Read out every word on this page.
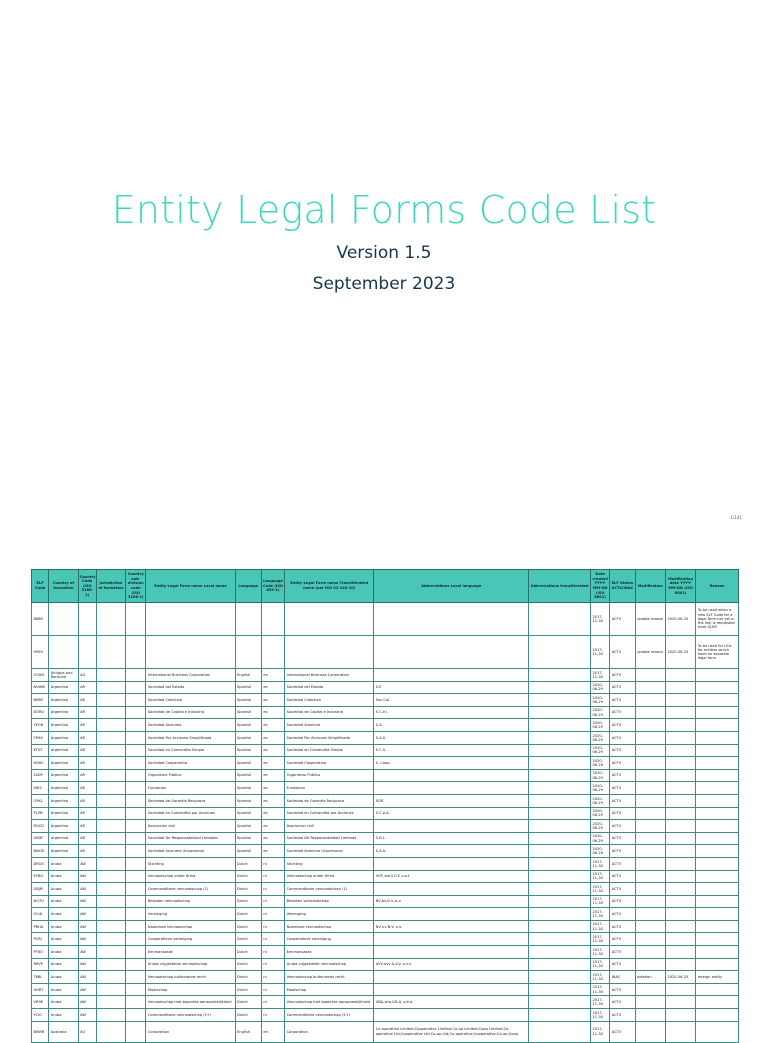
Entity Legal Forms Code List
Version 1.5
September 2023
1/141
ELF Code	Country of formation	Country Code (ISO 3166-1)	Jurisdiction of formation	Country sub-division code (ISO 3166-2)	Entity Legal Form name Local name	Language	Language Code (ISO 639-1)	Entity Legal Form name Transliterated name (per ISO 01-140-10)	Abbreviations Local language	Abbreviations transliterated	Date created YYYY-MM-DD (ISO 8601)	ELF Status ACTV/INAC	Modification	Modification date YYYY-MM-DD (ISO 8601)	Reason
8888											2017-11-30	ACTV	update reason	2020-06-25	To be used when a new ELF Code for a legal form not yet in the list) is requested from GLEIF
9999											2017-11-30	ACTV	update reason	2020-06-25	To be used for LEIs for entities which have no separate legal form
OOXD	Antigua and Barbuda	AG			International Business Corporation	English	en	International Business Corporation			2017-11-30	ACTV			
NUWB	Argentina	AR			Sociedad del Estado	Spanish	es	Sociedad del Estado	S.E		2020-06-29	ACTV			
BMKF	Argentina	AR			Sociedad Colectiva	Spanish	es	Sociedad Colectiva	Soc.Col.		2020-06-29	ACTV			
DOBV	Argentina	AR			Sociedad de Capital e Industria	Spanish	es	Sociedad de Capital e Industria	S.C.e I.		2020-06-29	ACTV			
YEG6	Argentina	AR			Sociedad Anonima	Spanish	es	Sociedad Anonima	S.A.		2020-06-29	ACTV			
FR9X	Argentina	AR			Sociedad Por Acciones Simplificada	Spanish	es	Sociedad Por Acciones Simplificada	S.A.S.		2020-06-29	ACTV			
KTGT	Argentina	AR			Sociedad en Comandita Simple	Spanish	es	Sociedad en Comandita Simple	S.C.S.		2020-06-29	ACTV			
HD6C	Argentina	AR			Sociedad Cooperativa	Spanish	es	Sociedad Cooperativa	S. Coop.		2020-06-29	ACTV			
LKDF	Argentina	AR			Organismo Publico	Spanish	es	Organismo Publico			2020-06-29	ACTV			
U6I2	Argentina	AR			Fundacion	Spanish	es	Fundacion			2020-06-29	ACTV			
OYKL	Argentina	AR			Sociedad de Garantia Reciproca	Spanish	es	Sociedad de Garantia Reciproca	SGR		2020-06-29	ACTV			
PLZB	Argentina	AR			Sociedad en Comandita por Acciones	Spanish	es	Sociedad en Comandita por Acciones	S.C.p.A.		2020-06-29	ACTV			
RGCD	Argentina	AR			Asociacion civil	Spanish	es	Asociacion civil			2020-06-29	ACTV			
UKDF	Argentina	AR			Sociedad De Responsabilidad Limitada	Spanish	es	Sociedad De Responsabilidad Limitada	S.R.L.		2020-06-29	ACTV			
WAGE	Argentina	AR			Sociedad Anonima Unipersonal	Spanish	es	Sociedad Anonima Unipersonal	S.A.U.		2020-06-29	ACTV			
DRUX	Aruba	AW			Stichting	Dutch	nl	Stichting			2017-11-30	ACTV			
EYBG	Aruba	AW			Vennootschap onder firma	Dutch	nl	Vennootschap onder firma	VOF,vof,V.O.F.,v.o.f.		2017-11-30	ACTV			
GBJM	Aruba	AW			Commanditaire vennootschap (1)	Dutch	nl	Commanditaire vennootschap (1)			2017-11-30	ACTV			
NO7U	Aruba	AW			Besloten vennootschap	Dutch	nl	Besloten vennootschap	BV,bv,B.V.,b.v.		2017-11-30	ACTV			
OU4I	Aruba	AW			Vereniging	Dutch	nl	Vereniging			2017-11-30	ACTV			
PBHA	Aruba	AW			Naamloze vennootschap	Dutch	nl	Naamloze vennootschap	NV,nv,N.V.,n.v.		2017-11-30	ACTV			
PCRJ	Aruba	AW			Cooperatieve vereniging	Dutch	nl	Cooperatieve vereniging			2017-11-30	ACTV			
PT6O	Aruba	AW			Eenmanszaak	Dutch	nl	Eenmanszaak			2017-11-30	ACTV			
R6VP	Aruba	AW			Aruba vrijgestelde vennootschap	Dutch	nl	Aruba vrijgestelde vennootschap	AVV,avv,A.V.V.,a.v.v.		2017-11-30	ACTV			
T68L	Aruba	AW			Vennootschap buitenlands recht	Dutch	nl	Vennootschap buitenlands recht			2017-11-30	INAC	deletion	2020-06-25	foreign entity
UHRT	Aruba	AW			Maatschap	Dutch	nl	Maatschap			2017-11-30	ACTV			
VR9E	Aruba	AW			Vennootschap met beperkte aansprakelijkheid	Dutch	nl	Vennootschap met beperkte aansprakelijkheid	VBA,vba,V.B.A.,v.b.a.		2017-11-30	ACTV			
YCIO	Aruba	AW			Commanditaire vennootschap (2+)	Dutch	nl	Commanditaire vennootschap (2+)			2017-11-30	ACTV			
BWRR	Australia	AU			Corporation	English	en	Corporation	Co-operative Limited;Cooperative Limited;Co-op Limited;Coop Limited;Co-operative Ltd;Cooperative Ltd;Co-op Ltd;Co-operative;Cooperative;Co-op;Coop		2017-11-30	ACTV			
